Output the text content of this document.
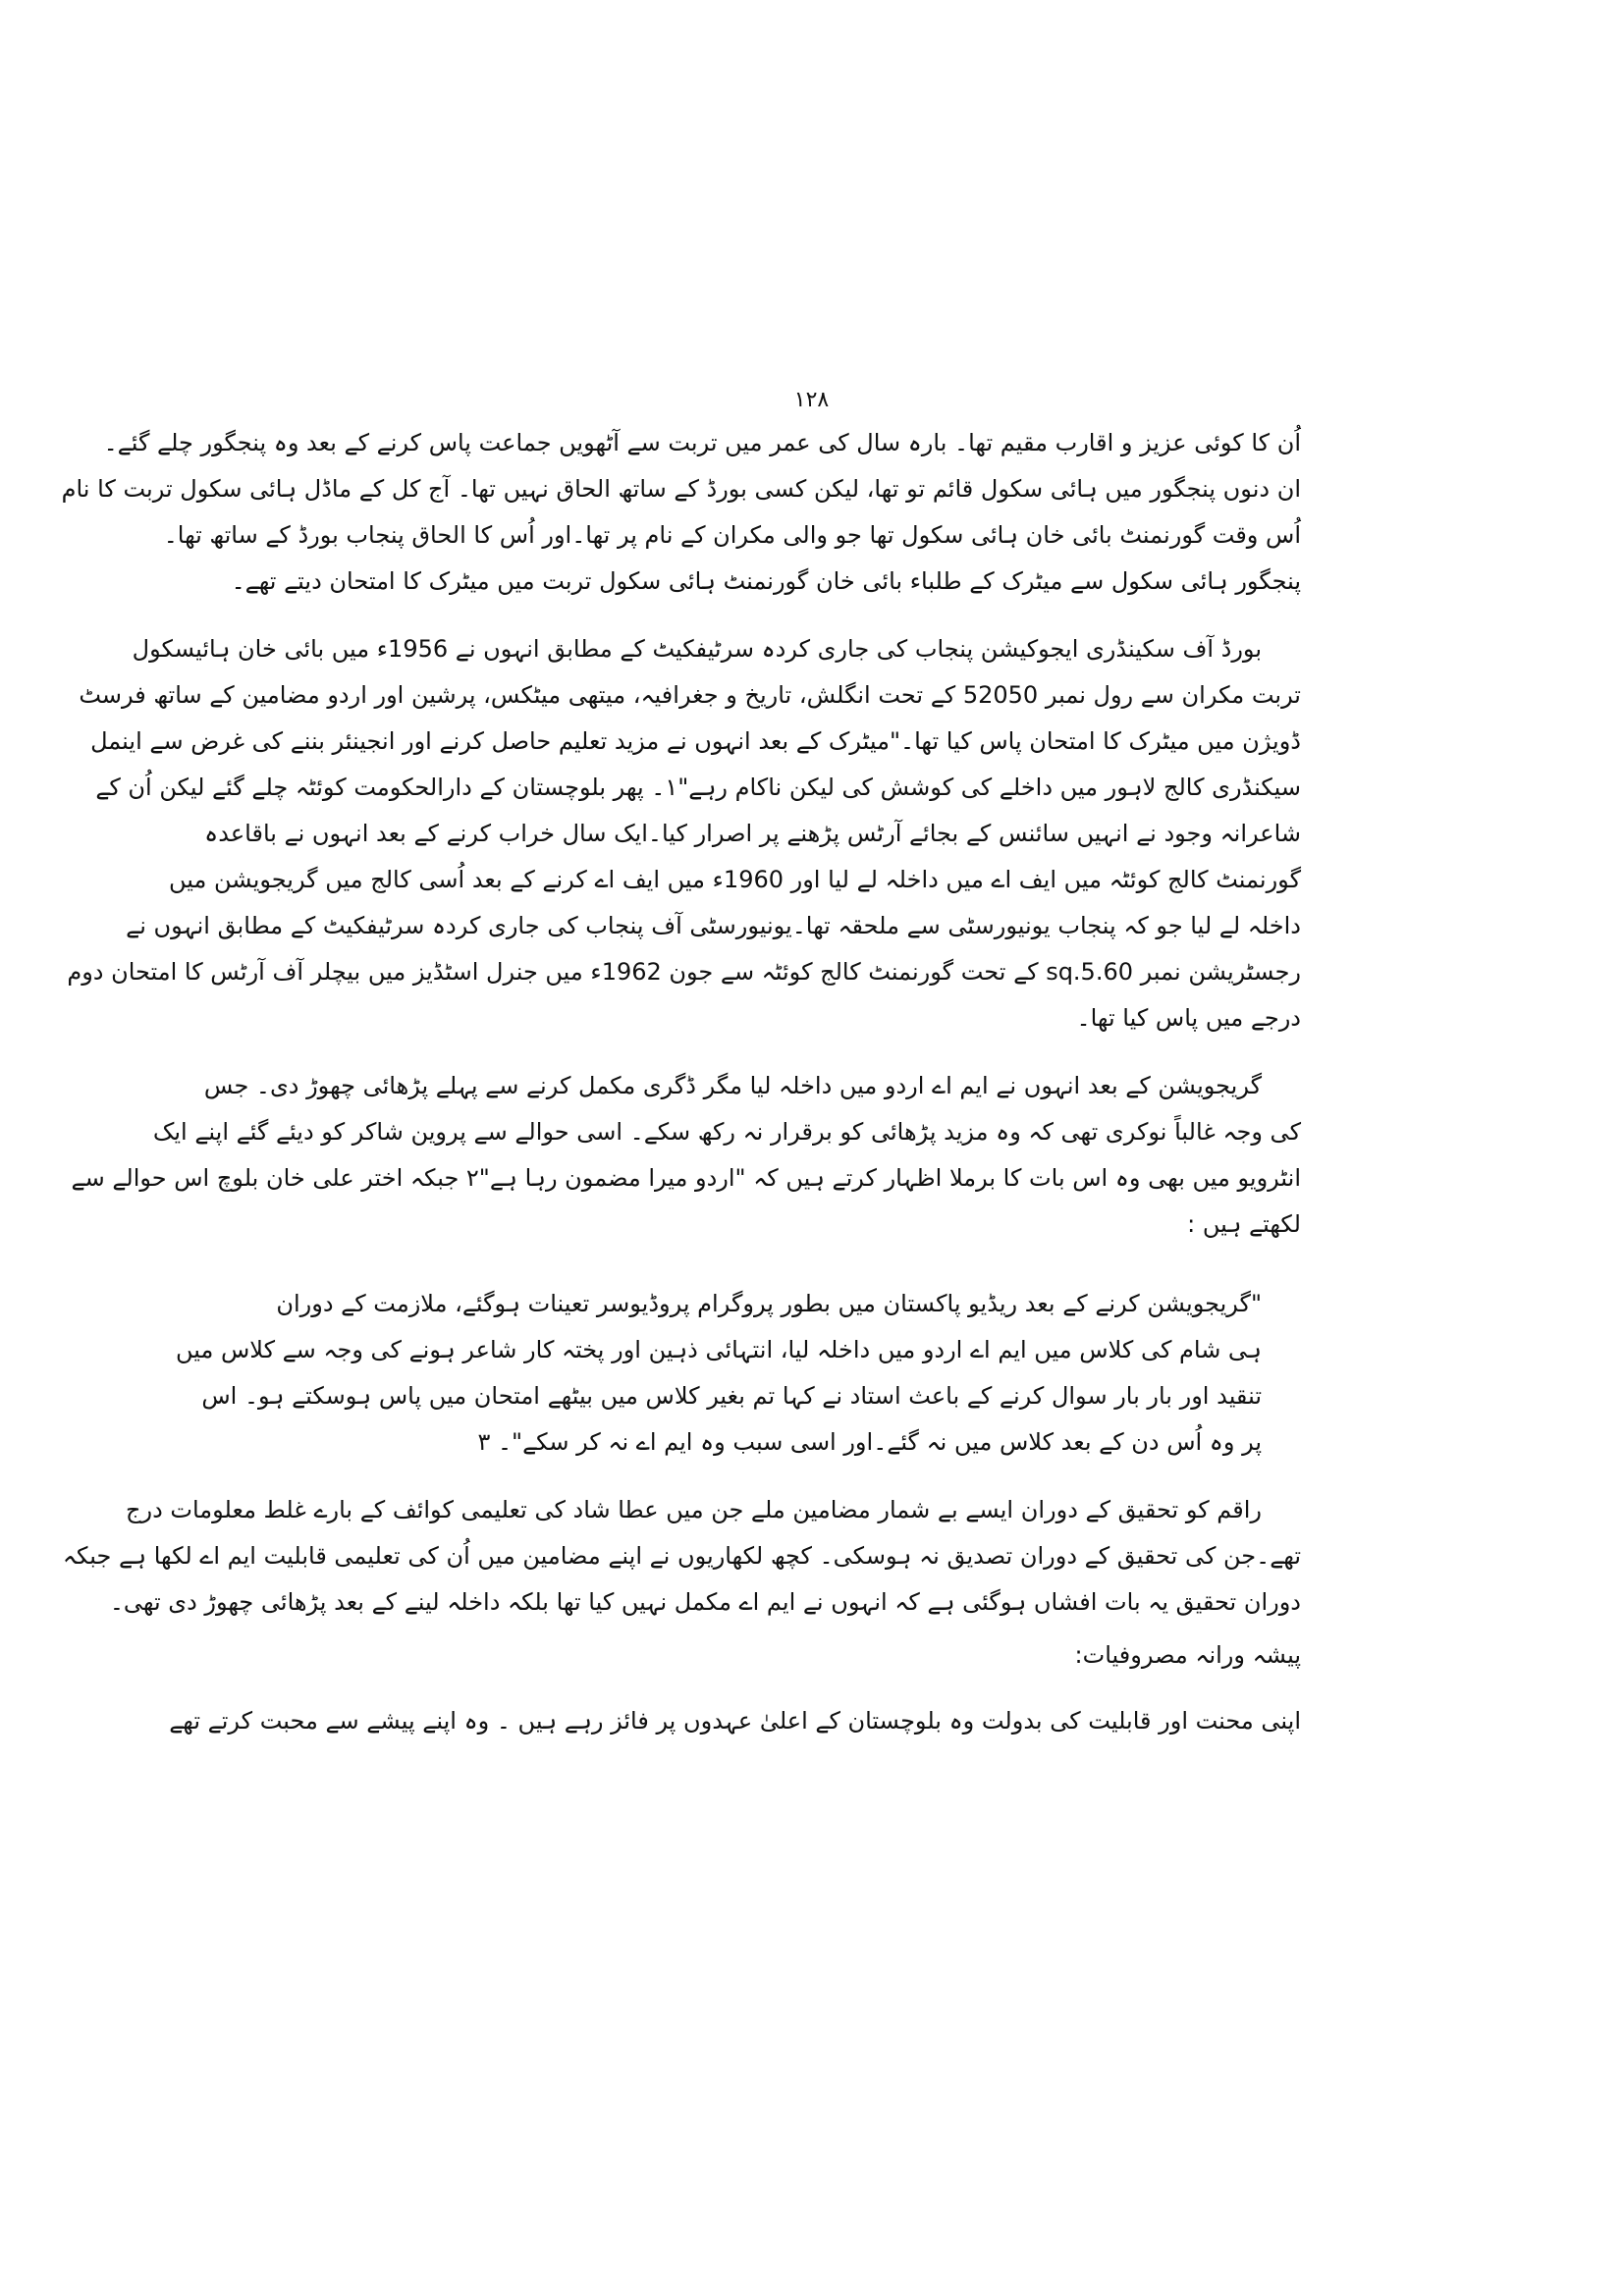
۱۲۸
اُن کا کوئی عزیز و اقارب مقیم تھا۔ بارہ سال کی عمر میں تربت سے آٹھویں جماعت پاس کرنے کے بعد وہ پنجگور چلے گئے۔
ان دنوں پنجگور میں ہائی سکول قائم تو تھا، لیکن کسی بورڈ کے ساتھ الحاق نہیں تھا۔ آج کل کے ماڈل ہائی سکول تربت کا نام
اُس وقت گورنمنٹ بائی خان ہائی سکول تھا جو والی مکران کے نام پر تھا۔اور اُس کا الحاق پنجاب بورڈ کے ساتھ تھا۔
پنجگور ہائی سکول سے میٹرک کے طلباء بائی خان گورنمنٹ ہائی سکول تربت میں میٹرک کا امتحان دیتے تھے۔
بورڈ آف سکینڈری ایجوکیشن پنجاب کی جاری کردہ سرٹیفکیٹ کے مطابق انہوں نے 1956ء میں بائی خان ہائیسکول
تربت مکران سے رول نمبر 52050 کے تحت انگلش، تاریخ و جغرافیہ، میتھی میٹکس، پرشین اور اردو مضامین کے ساتھ فرسٹ
ڈویژن میں میٹرک کا امتحان پاس کیا تھا۔"میٹرک کے بعد انہوں نے مزید تعلیم حاصل کرنے اور انجینئر بننے کی غرض سے اینمل
سیکنڈری کالج لاہور میں داخلے کی کوشش کی لیکن ناکام رہے"۱۔ پھر بلوچستان کے دارالحکومت کوئٹہ چلے گئے لیکن اُن کے
شاعرانہ وجود نے انہیں سائنس کے بجائے آرٹس پڑھنے پر اصرار کیا۔ایک سال خراب کرنے کے بعد انہوں نے باقاعدہ
گورنمنٹ کالج کوئٹہ میں ایف اے میں داخلہ لے لیا اور 1960ء میں ایف اے کرنے کے بعد اُسی کالج میں گریجویشن میں
داخلہ لے لیا جو کہ پنجاب یونیورسٹی سے ملحقہ تھا۔یونیورسٹی آف پنجاب کی جاری کردہ سرٹیفکیٹ کے مطابق انہوں نے
رجسٹریشن نمبر 60.sq.5 کے تحت گورنمنٹ کالج کوئٹہ سے جون 1962ء میں جنرل اسٹڈیز میں بیچلر آف آرٹس کا امتحان دوم
درجے میں پاس کیا تھا۔
گریجویشن کے بعد انہوں نے ایم اے اردو میں داخلہ لیا مگر ڈگری مکمل کرنے سے پہلے پڑھائی چھوڑ دی۔ جس
کی وجہ غالباً نوکری تھی کہ وہ مزید پڑھائی کو برقرار نہ رکھ سکے۔ اسی حوالے سے پروین شاکر کو دیئے گئے اپنے ایک
انٹرویو میں بھی وہ اس بات کا برملا اظہار کرتے ہیں کہ "اردو میرا مضمون رہا ہے"۲ جبکہ اختر علی خان بلوچ اس حوالے سے
لکھتے ہیں :
"گریجویشن کرنے کے بعد ریڈیو پاکستان میں بطور پروگرام پروڈیوسر تعینات ہوگئے، ملازمت کے دوران
ہی شام کی کلاس میں ایم اے اردو میں داخلہ لیا، انتہائی ذہین اور پختہ کار شاعر ہونے کی وجہ سے کلاس میں
تنقید اور بار بار سوال کرنے کے باعث استاد نے کہا تم بغیر کلاس میں بیٹھے امتحان میں پاس ہوسکتے ہو۔ اس
پر وہ اُس دن کے بعد کلاس میں نہ گئے۔اور اسی سبب وہ ایم اے نہ کر سکے"۔ ۳
راقم کو تحقیق کے دوران ایسے بے شمار مضامین ملے جن میں عطا شاد کی تعلیمی کوائف کے بارے غلط معلومات درج
تھے۔جن کی تحقیق کے دوران تصدیق نہ ہوسکی۔ کچھ لکھاریوں نے اپنے مضامین میں اُن کی تعلیمی قابلیت ایم اے لکھا ہے جبکہ
دوران تحقیق یہ بات افشاں ہوگئی ہے کہ انہوں نے ایم اے مکمل نہیں کیا تھا بلکہ داخلہ لینے کے بعد پڑھائی چھوڑ دی تھی۔
پیشہ ورانہ مصروفیات:
اپنی محنت اور قابلیت کی بدولت وہ بلوچستان کے اعلیٰ عہدوں پر فائز رہے ہیں ۔ وہ اپنے پیشے سے محبت کرتے تھے
